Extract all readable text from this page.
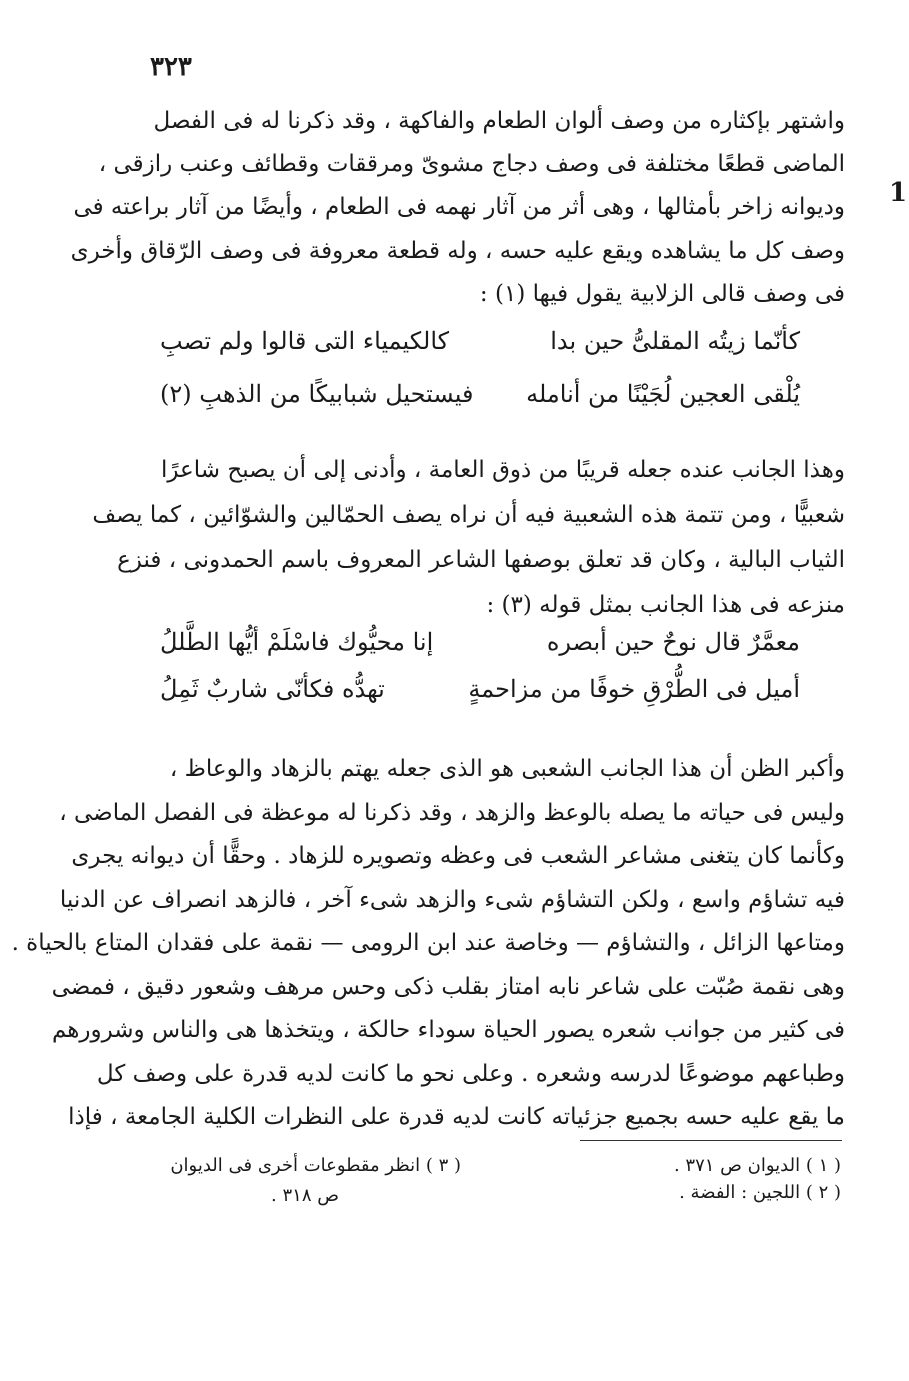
٣٢٣
1
واشتهر بإكثاره من وصف ألوان الطعام والفاكهة ، وقد ذكرنا له فى الفصل
الماضى قطعًا مختلفة فى وصف دجاج مشوىّ ومرققات وقطائف وعنب رازقى ،
وديوانه زاخر بأمثالها ، وهى أثر من آثار نهمه فى الطعام ، وأيضًا من آثار براعته فى
وصف كل ما يشاهده ويقع عليه حسه ، وله قطعة معروفة فى وصف الرّقاق وأخرى
فى وصف قالى الزلابية يقول فيها (١) :
كأنّما زيتُه المقلىُّ حين بدا
كالكيمياء التى قالوا ولم تصبِ
يُلْقى العجين لُجَيْنًا من أنامله
فيستحيل شبابيكًا من الذهبِ (٢)
وهذا الجانب عنده جعله قريبًا من ذوق العامة ، وأدنى إلى أن يصبح شاعرًا
شعبيًّا ، ومن تتمة هذه الشعبية فيه أن نراه يصف الحمّالين والشوّائين ، كما يصف
الثياب البالية ، وكان قد تعلق بوصفها الشاعر المعروف باسم الحمدونى ، فنزع
منزعه فى هذا الجانب بمثل قوله (٣) :
معمَّرٌ قال نوحٌ حين أبصره
إنا محيُّوك فاسْلَمْ أيُّها الطَّللُ
أميل فى الطُّرْقِ خوفًا من مزاحمةٍ
تهدُّه فكأنّى شاربٌ ثَمِلُ
وأكبر الظن أن هذا الجانب الشعبى هو الذى جعله يهتم بالزهاد والوعاظ ،
وليس فى حياته ما يصله بالوعظ والزهد ، وقد ذكرنا له موعظة فى الفصل الماضى ،
وكأنما كان يتغنى مشاعر الشعب فى وعظه وتصويره للزهاد . وحقًّا أن ديوانه يجرى
فيه تشاؤم واسع ، ولكن التشاؤم شىء والزهد شىء آخر ، فالزهد انصراف عن الدنيا
ومتاعها الزائل ، والتشاؤم — وخاصة عند ابن الرومى — نقمة على فقدان المتاع بالحياة .
وهى نقمة صُبّت على شاعر نابه امتاز بقلب ذكى وحس مرهف وشعور دقيق ، فمضى
فى كثير من جوانب شعره يصور الحياة سوداء حالكة ، ويتخذها هى والناس وشرورهم
وطباعهم موضوعًا لدرسه وشعره . وعلى نحو ما كانت لديه قدرة على وصف كل
ما يقع عليه حسه بجميع جزئياته كانت لديه قدرة على النظرات الكلية الجامعة ، فإذا
( ١ ) الديوان ص ٣٧١ .
( ٢ ) اللجين : الفضة .
( ٣ ) انظر مقطوعات أخرى فى الديوان
ص ٣١٨ .
